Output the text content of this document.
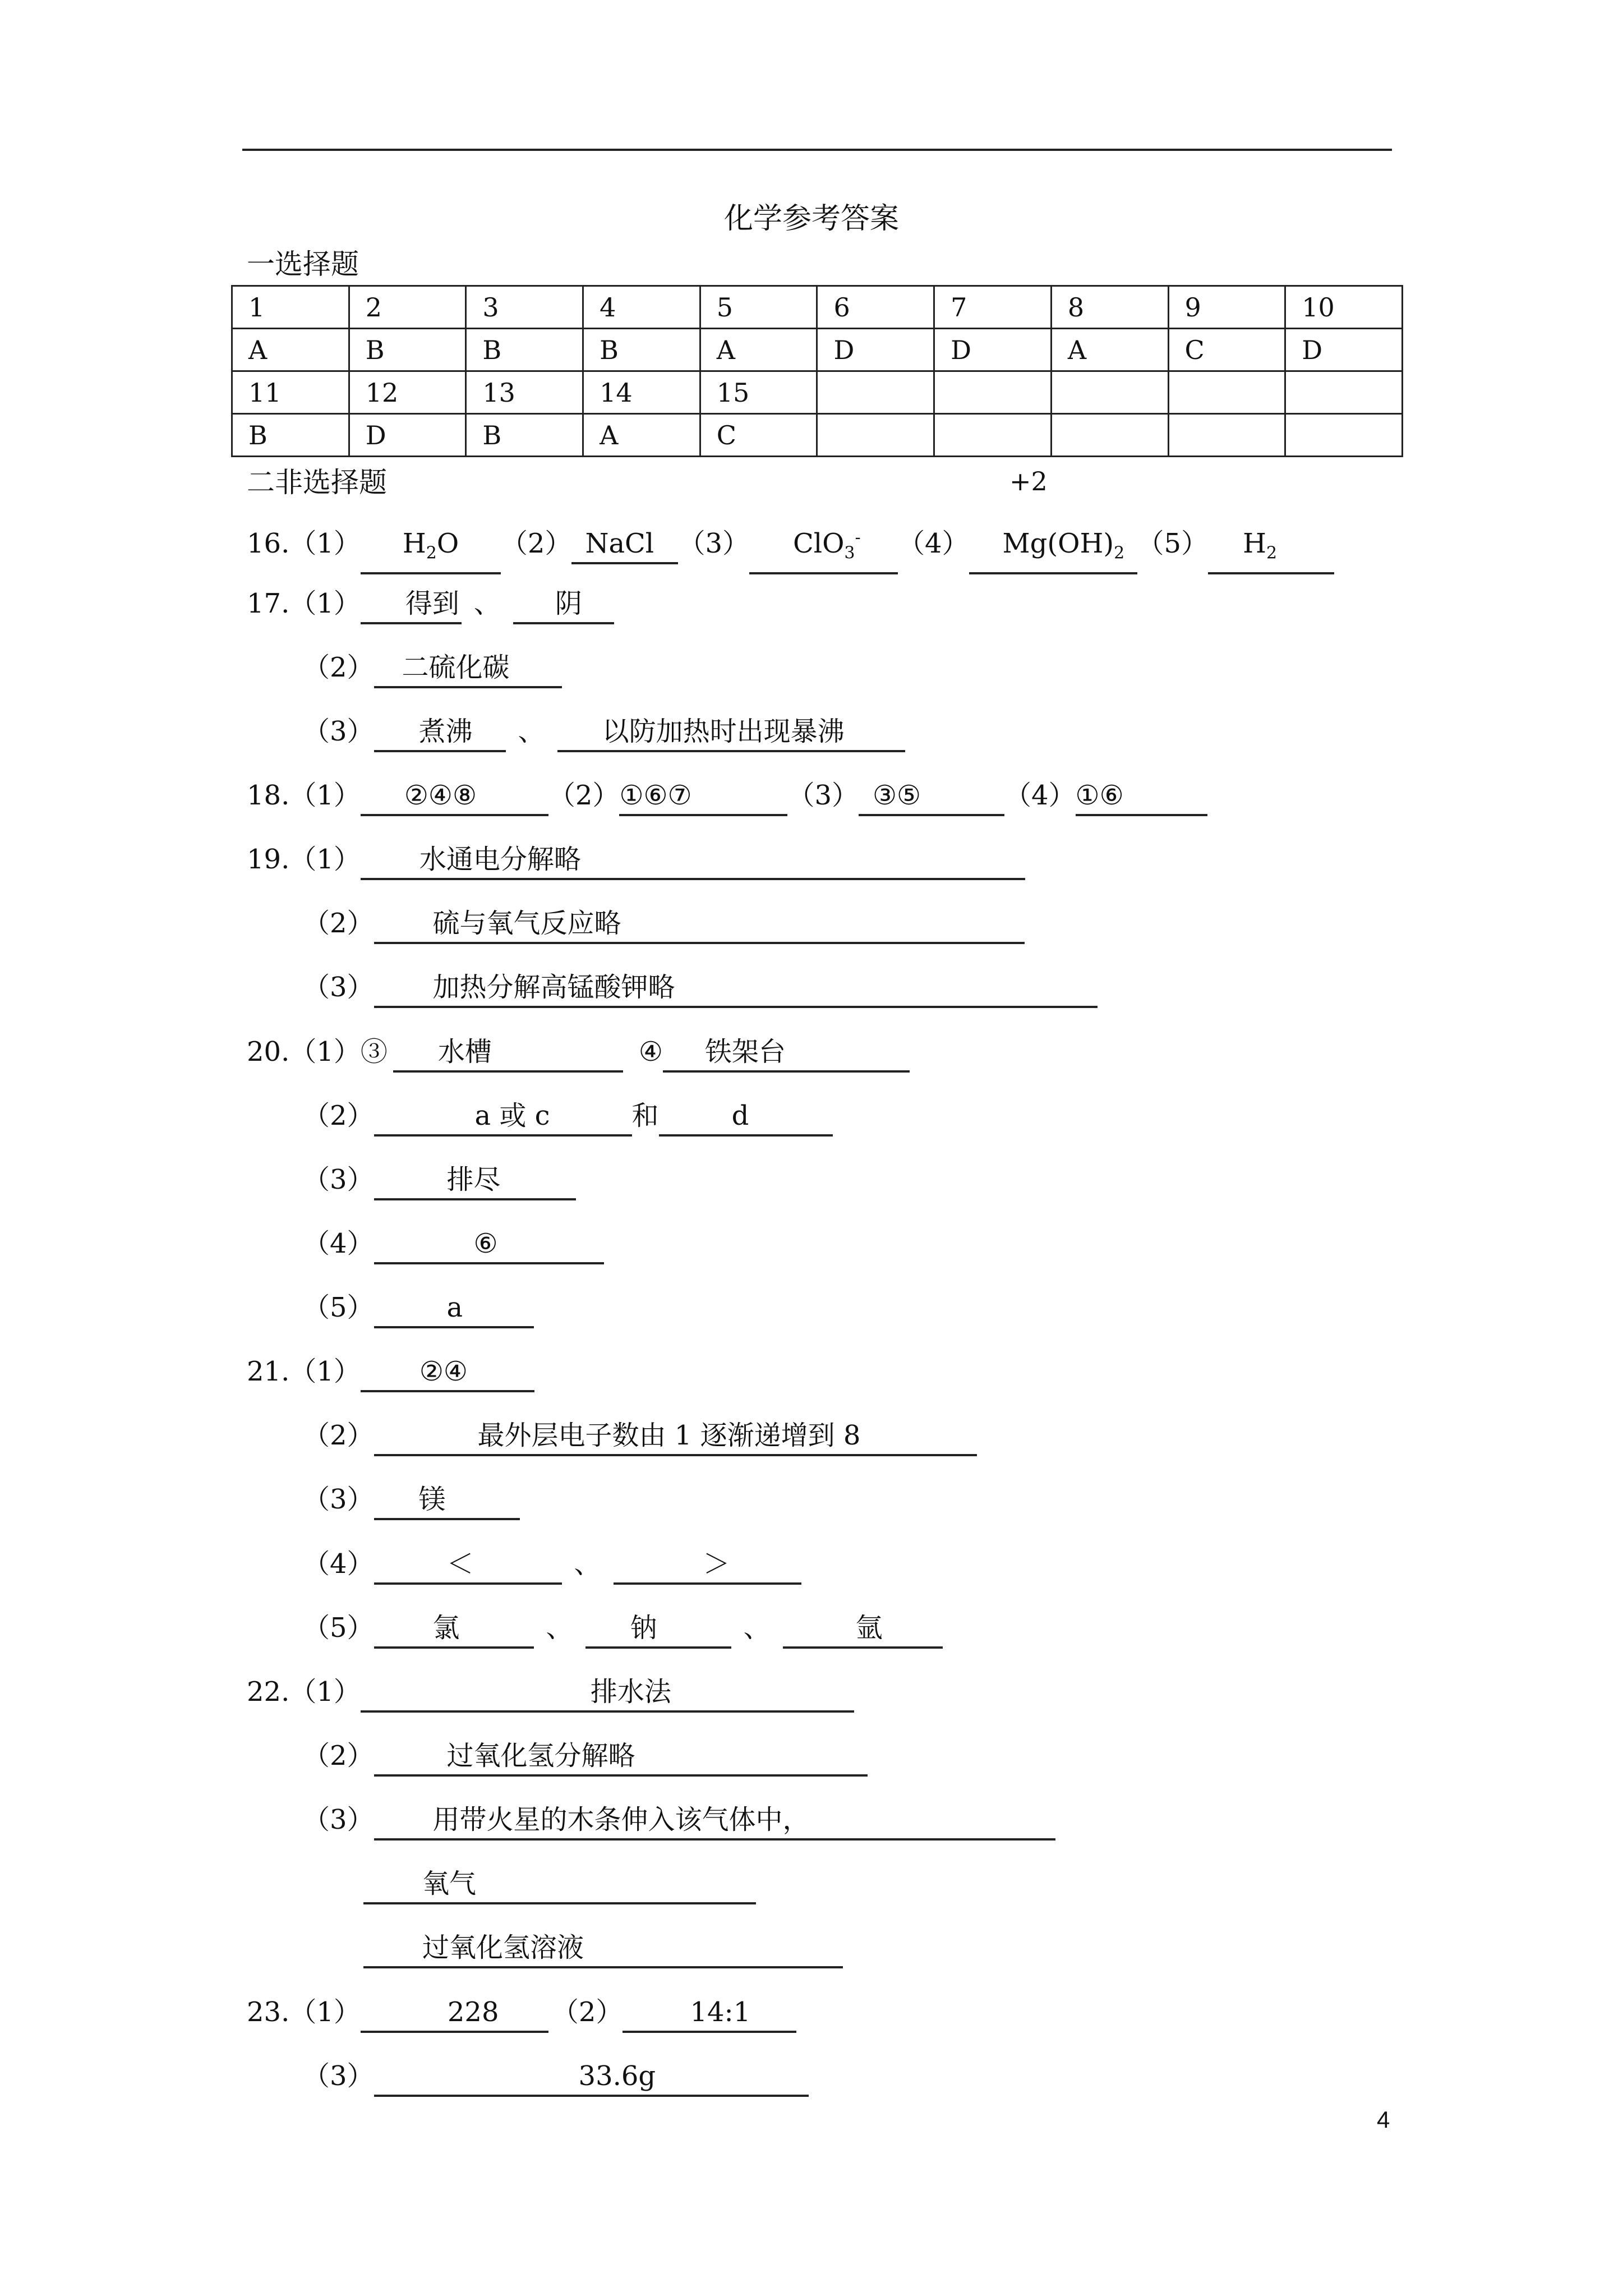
化学参考答案
一选择题
1	2	3	4	5	6	7	8	9	10
A	B	B	B	A	D	D	A	C	D
11	12	13	14	15					
B	D	B	A	C					
二非选择题	+2
16.（1） $H_2O$ （2） NaCl （3） ClO$_3$- （4） $Mg(OH)_2$ （5） $H_2$
17.（1） 得到 、 阴
（2） 二硫化碳
（3） 煮沸 、 以防加热时出现暴沸
18.（1） ②④⑧	（2）①⑥⑦	（3） ③⑤	（4）①⑥
19.（1） 水通电分解略
（2） 硫与氧气反应略
（3） 加热分解高锰酸钾略
20.（1）③ 水槽	④ 铁架台
（2）	a 或 c	和	d
（3）	排尽
（4）	⑥
（5）	a
21.（1） ②④
（2）	最外层电子数由 1 逐渐递增到 8
（3） 镁
（4）	＜	、	＞
（5） 氯	、 钠	、	氩
22.（1）	排水法
（2）	过氧化氢分解略
（3） 用带火星的木条伸入该气体中，
氧气
过氧化氢溶液
23.（1）	228 （2）	14:1
（3）	33.6g
4
